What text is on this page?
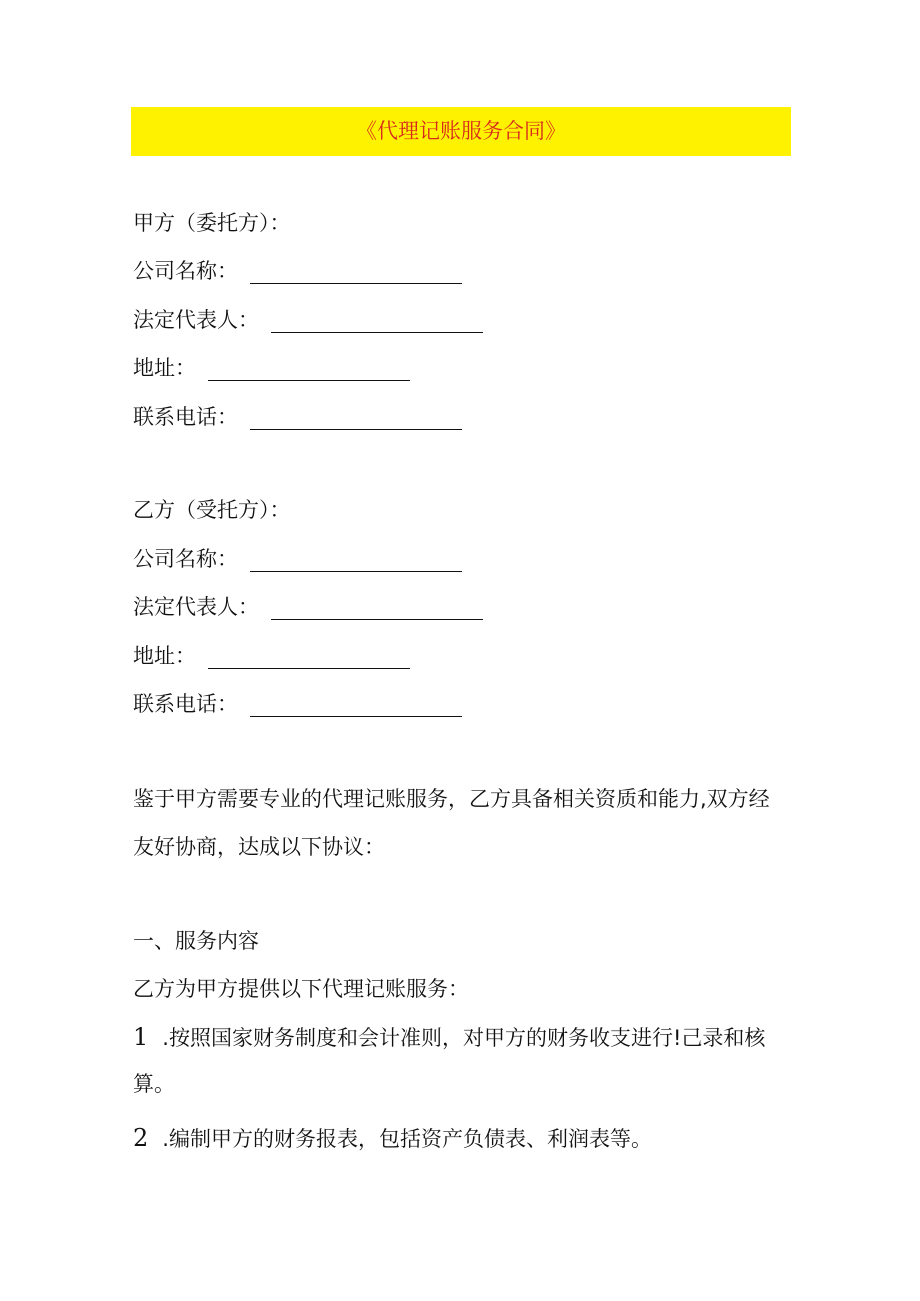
《代理记账服务合同》
甲方（委托方）：
公司名称：
法定代表人：
地址：
联系电话：
乙方（受托方）：
公司名称：
法定代表人：
地址：
联系电话：
鉴于甲方需要专业的代理记账服务，乙方具备相关资质和能力,双方经
友好协商，达成以下协议：
一、服务内容
乙方为甲方提供以下代理记账服务：
1 .按照国家财务制度和会计准则，对甲方的财务收支进行!己录和核
算。
2 .编制甲方的财务报表，包括资产负债表、利润表等。
